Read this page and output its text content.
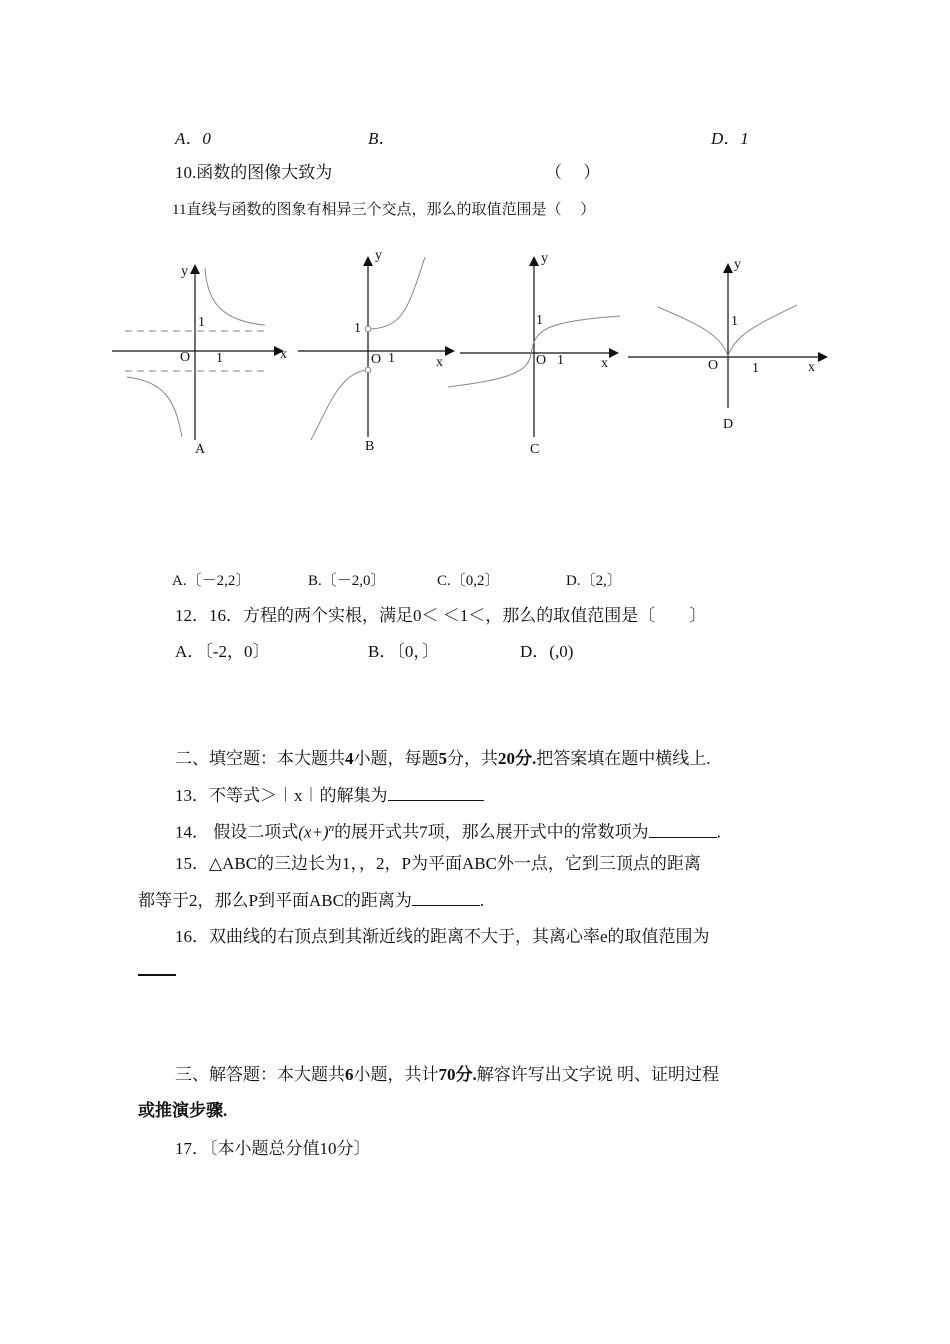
A．0	B．	D．1
10.函数的图像大致为	（　 ）
11直线与函数的图象有相异三个交点，那么的取值范围是（　 ）
y
1
O 1	x
A
y
1
O 1	x
B
y
1
O 1	x
C
y
1
O 1	x
D
A.〔－2,2〕	B.〔－2,0〕	C.〔0,2〕	D.〔2,〕
12．16．方程的两个实根，满足0＜ ＜1＜，那么的取值范围是〔　　〕
A．〔-2，0〕	B．〔0，〕	D．(,0)
二、填空题：本大题共4小题，每题5分，共20分.把答案填在题中横线上.
13．不等式＞︱x︱的解集为
14． 假设二项式$(x+)^n$的展开式共7项，那么展开式中的常数项为	.
15．△ABC的三边长为1，，2，P为平面ABC外一点，它到三顶点的距离
都等于2，那么P到平面ABC的距离为	.
16．双曲线的右顶点到其渐近线的距离不大于，其离心率e的取值范围为
三、解答题：本大题共6小题，共计70分.解容许写出文字说 明、证明过程
或推演步骤.
17．〔本小题总分值10分〕
